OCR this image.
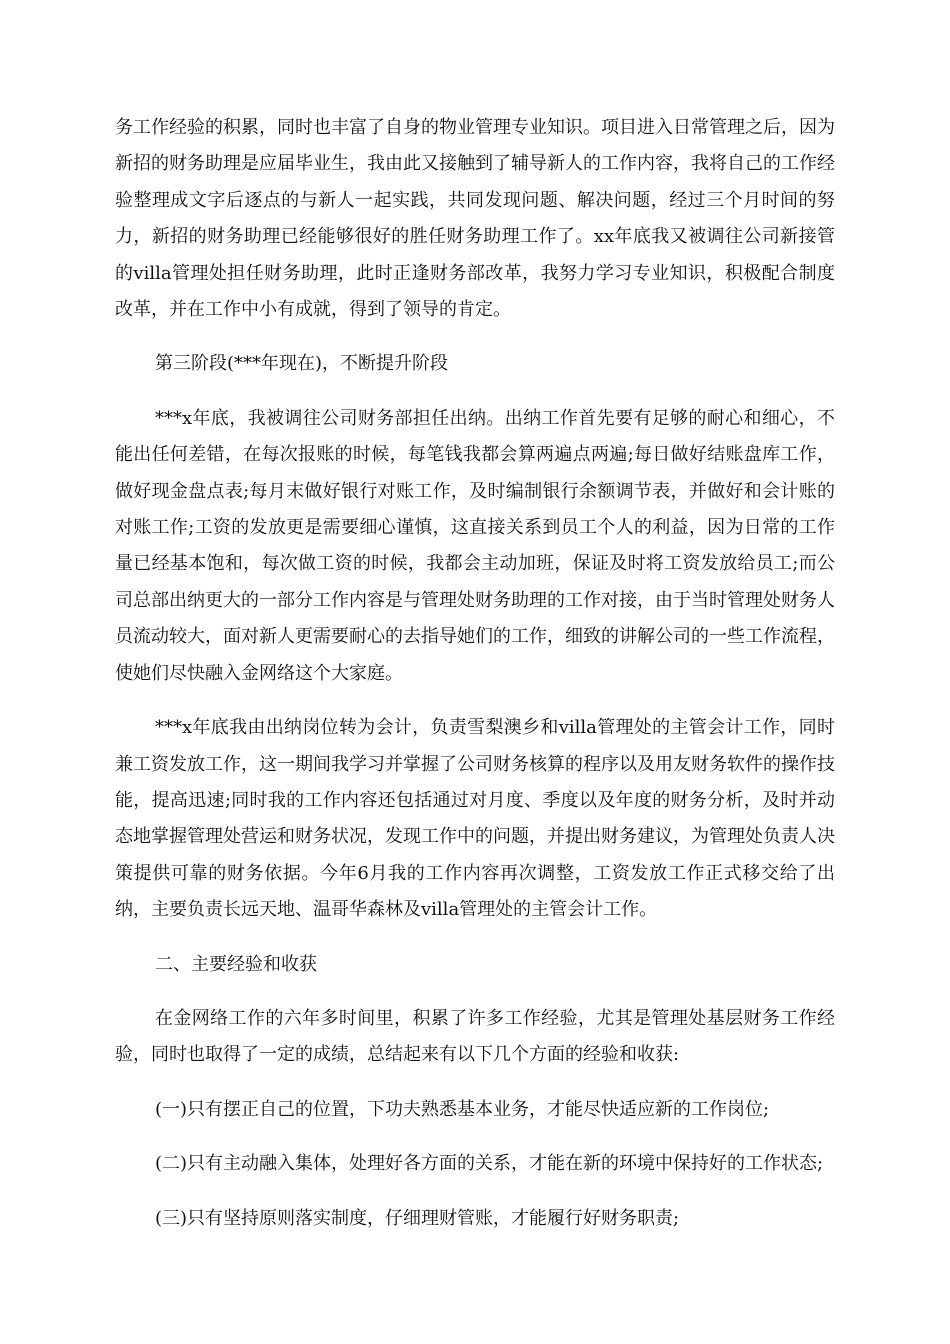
务工作经验的积累，同时也丰富了自身的物业管理专业知识。项目进入日常管理之后，因为新招的财务助理是应届毕业生，我由此又接触到了辅导新人的工作内容，我将自己的工作经验整理成文字后逐点的与新人一起实践，共同发现问题、解决问题，经过三个月时间的努力，新招的财务助理已经能够很好的胜任财务助理工作了。xx年底我又被调往公司新接管的villa管理处担任财务助理，此时正逢财务部改革，我努力学习专业知识，积极配合制度改革，并在工作中小有成就，得到了领导的肯定。

第三阶段(***年现在)，不断提升阶段

***x年底，我被调往公司财务部担任出纳。出纳工作首先要有足够的耐心和细心，不能出任何差错，在每次报账的时候，每笔钱我都会算两遍点两遍;每日做好结账盘库工作，做好现金盘点表;每月末做好银行对账工作，及时编制银行余额调节表，并做好和会计账的对账工作;工资的发放更是需要细心谨慎，这直接关系到员工个人的利益，因为日常的工作量已经基本饱和，每次做工资的时候，我都会主动加班，保证及时将工资发放给员工;而公司总部出纳更大的一部分工作内容是与管理处财务助理的工作对接，由于当时管理处财务人员流动较大，面对新人更需要耐心的去指导她们的工作，细致的讲解公司的一些工作流程，使她们尽快融入金网络这个大家庭。

***x年底我由出纳岗位转为会计，负责雪梨澳乡和villa管理处的主管会计工作，同时兼工资发放工作，这一期间我学习并掌握了公司财务核算的程序以及用友财务软件的操作技能，提高迅速;同时我的工作内容还包括通过对月度、季度以及年度的财务分析，及时并动态地掌握管理处营运和财务状况，发现工作中的问题，并提出财务建议，为管理处负责人决策提供可靠的财务依据。今年6月我的工作内容再次调整，工资发放工作正式移交给了出纳，主要负责长远天地、温哥华森林及villa管理处的主管会计工作。

二、主要经验和收获

在金网络工作的六年多时间里，积累了许多工作经验，尤其是管理处基层财务工作经验，同时也取得了一定的成绩，总结起来有以下几个方面的经验和收获:

(一)只有摆正自己的位置，下功夫熟悉基本业务，才能尽快适应新的工作岗位;

(二)只有主动融入集体，处理好各方面的关系，才能在新的环境中保持好的工作状态;

(三)只有坚持原则落实制度，仔细理财管账，才能履行好财务职责;
